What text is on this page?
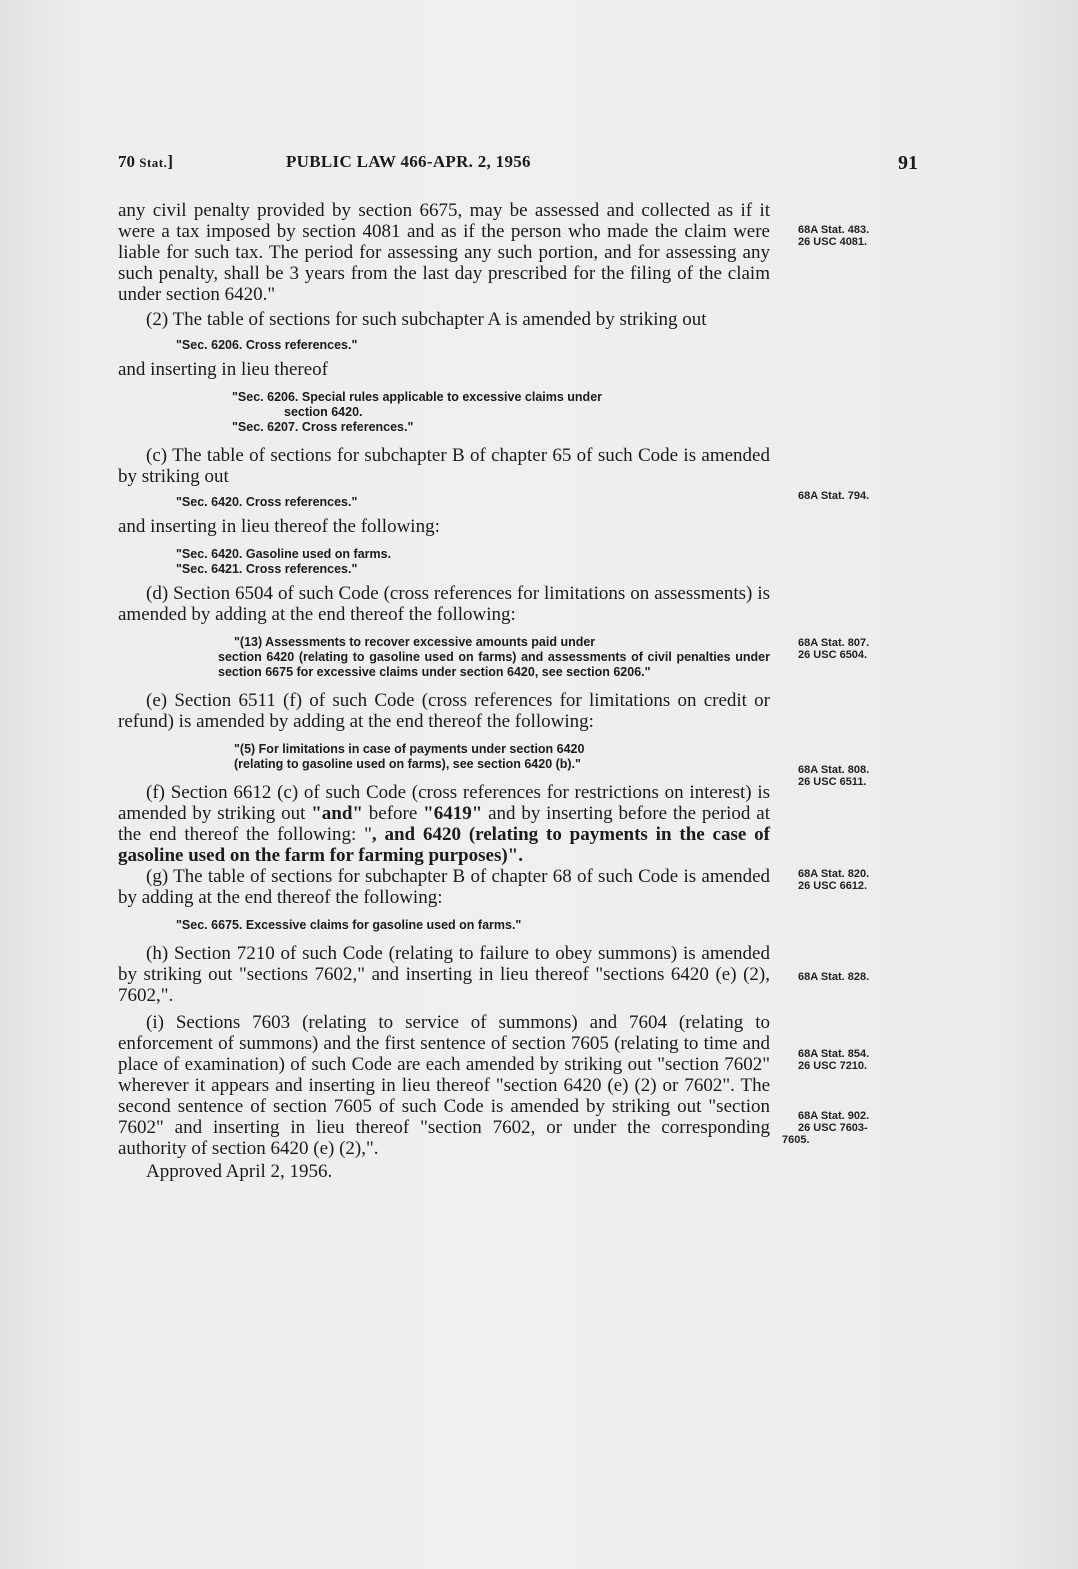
70 Stat.]	PUBLIC LAW 466-APR. 2, 1956	91

any civil penalty provided by section 6675, may be assessed and collected as if it were a tax imposed by section 4081 and as if the person who made the claim were liable for such tax. The period for assessing any such portion, and for assessing any such penalty, shall be 3 years from the last day prescribed for the filing of the claim under section 6420."

(2) The table of sections for such subchapter A is amended by striking out

"Sec. 6206. Cross references."

and inserting in lieu thereof

"Sec. 6206. Special rules applicable to excessive claims under
section 6420.

"Sec. 6207. Cross references."

(c) The table of sections for subchapter B of chapter 65 of such Code is amended by striking out

"Sec. 6420. Cross references."

and inserting in lieu thereof the following:

"Sec. 6420. Gasoline used on farms.

"Sec. 6421. Cross references."

(d) Section 6504 of such Code (cross references for limitations on assessments) is amended by adding at the end thereof the following:

"(13) Assessments to recover excessive amounts paid under
section 6420 (relating to gasoline used on farms) and assessments of civil penalties under section 6675 for excessive claims under section 6420, see section 6206."

(e) Section 6511 (f) of such Code (cross references for limitations on credit or refund) is amended by adding at the end thereof the following:

"(5) For limitations in case of payments under section 6420
(relating to gasoline used on farms), see section 6420 (b)."

(f) Section 6612 (c) of such Code (cross references for restrictions on interest) is amended by striking out "and" before "6419" and by inserting before the period at the end thereof the following: ", and 6420 (relating to payments in the case of gasoline used on the farm for farming purposes)".

(g) The table of sections for subchapter B of chapter 68 of such Code is amended by adding at the end thereof the following:

"Sec. 6675. Excessive claims for gasoline used on farms."

(h) Section 7210 of such Code (relating to failure to obey summons) is amended by striking out "sections 7602," and inserting in lieu thereof "sections 6420 (e) (2), 7602,".

(i) Sections 7603 (relating to service of summons) and 7604 (relating to enforcement of summons) and the first sentence of section 7605 (relating to time and place of examination) of such Code are each amended by striking out "section 7602" wherever it appears and inserting in lieu thereof "section 6420 (e) (2) or 7602". The second sentence of section 7605 of such Code is amended by striking out "section 7602" and inserting in lieu thereof "section 7602, or under the corresponding authority of section 6420 (e) (2),".

Approved April 2, 1956.

68A Stat. 483.
26 USC 4081.
68A Stat. 794.
68A Stat. 807.
26 USC 6504.
68A Stat. 808.
26 USC 6511.
68A Stat. 820.
26 USC 6612.
68A Stat. 828.
68A Stat. 854.
26 USC 7210.
68A Stat. 902.
26 USC 7603-
7605.
